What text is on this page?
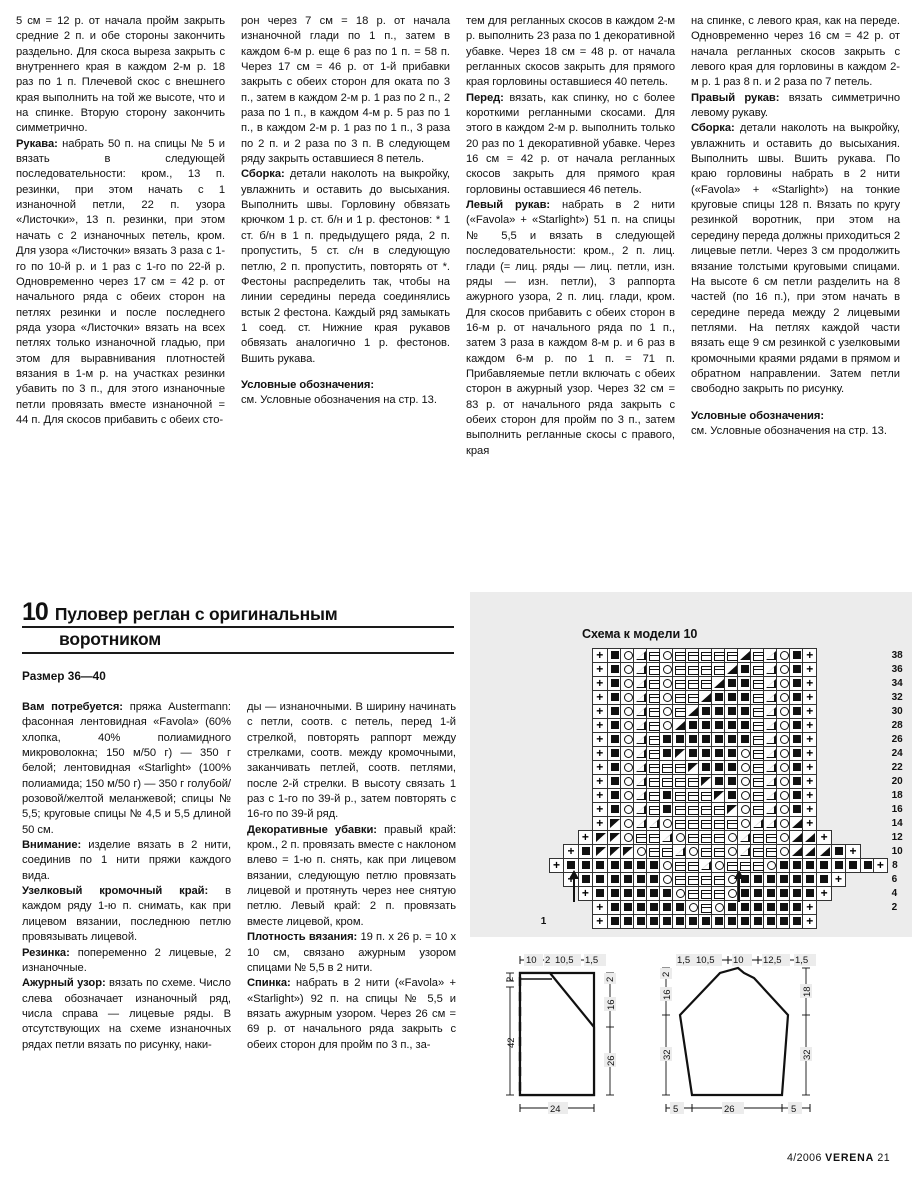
5 см = 12 р. от начала пройм закрыть средние 2 п. и обе стороны закончить раздельно. Для скоса выреза закрыть с внутреннего края в каждом 2-м р. 18 раз по 1 п. Плечевой скос с внешнего края выполнить на той же высоте, что и на спинке. Вторую сторону закончить симметрично.

Рукава: набрать 50 п. на спицы № 5 и вязать в следующей последовательности: кром., 13 п. резинки, при этом начать с 1 изнаночной петли, 22 п. узора «Листочки», 13 п. резинки, при этом начать с 2 изнаночных петель, кром. Для узора «Листочки» вязать 3 раза с 1-го по 10-й р. и 1 раз с 1-го по 22-й р. Одновременно через 17 см = 42 р. от начального ряда с обеих сторон на петлях резинки и после последнего ряда узора «Листочки» вязать на всех петлях только изнаночной гладью, при этом для выравнивания плотностей вязания в 1-м р. на участках резинки убавить по 3 п., для этого изнаночные петли провязать вместе изнаночной = 44 п. Для скосов прибавить с обеих сто-

рон через 7 см = 18 р. от начала изнаночной глади по 1 п., затем в каждом 6-м р. еще 6 раз по 1 п. = 58 п. Через 17 см = 46 р. от 1-й прибавки закрыть с обеих сторон для оката по 3 п., затем в каждом 2-м р. 1 раз по 2 п., 2 раза по 1 п., в каждом 4-м р. 5 раз по 1 п., в каждом 2-м р. 1 раз по 1 п., 3 раза по 2 п. и 2 раза по 3 п. В следующем ряду закрыть оставшиеся 8 петель.

Сборка: детали наколоть на выкройку, увлажнить и оставить до высыхания. Выполнить швы. Горловину обвязать крючком 1 р. ст. б/н и 1 р. фестонов: * 1 ст. б/н в 1 п. предыдущего ряда, 2 п. пропустить, 5 ст. с/н в следующую петлю, 2 п. пропустить, повторять от *. Фестоны распределить так, чтобы на линии середины переда соединялись встык 2 фестона. Каждый ряд замыкать 1 соед. ст. Нижние края рукавов обвязать аналогично 1 р. фестонов. Вшить рукава.

Условные обозначения:

см. Условные обозначения на стр. 13.

тем для регланных скосов в каждом 2-м р. выполнить 23 раза по 1 декоративной убавке. Через 18 см = 48 р. от начала регланных скосов закрыть для прямого края горловины оставшиеся 40 петель.

Перед: вязать, как спинку, но с более короткими регланными скосами. Для этого в каждом 2-м р. выполнить только 20 раз по 1 декоративной убавке. Через 16 см = 42 р. от начала регланных скосов закрыть для прямого края горловины оставшиеся 46 петель.

Левый рукав: набрать в 2 нити («Favola» + «Starlight») 51 п. на спицы № 5,5 и вязать в следующей последовательности: кром., 2 п. лиц. глади (= лиц. ряды — лиц. петли, изн. ряды — изн. петли), 3 раппорта ажурного узора, 2 п. лиц. глади, кром. Для скосов прибавить с обеих сторон в 16-м р. от начального ряда по 1 п., затем 3 раза в каждом 8-м р. и 6 раз в каждом 6-м р. по 1 п. = 71 п. Прибавляемые петли включать с обеих сторон в ажурный узор. Через 32 см = 83 р. от начального ряда закрыть с обеих сторон для пройм по 3 п., затем выполнить регланные скосы с правого, края

на спинке, с левого края, как на переде. Одновременно через 16 см = 42 р. от начала регланных скосов закрыть с левого края для горловины в каждом 2-м р. 1 раз 8 п. и 2 раза по 7 петель.

Правый рукав: вязать симметрично левому рукаву.

Сборка: детали наколоть на выкройку, увлажнить и оставить до высыхания. Выполнить швы. Вшить рукава. По краю горловины набрать в 2 нити («Favola» + «Starlight») на тонкие круговые спицы 128 п. Вязать по кругу резинкой воротник, при этом на середину переда должны приходиться 2 лицевые петли. Через 3 см продолжить вязание толстыми круговыми спицами. На высоте 6 см петли разделить на 8 частей (по 16 п.), при этом начать в середине переда между 2 лицевыми петлями. На петлях каждой части вязать еще 9 см резинкой с узелковыми кромочными краями рядами в прямом и обратном направлении. Затем петли свободно закрыть по рисунку.

Условные обозначения:

см. Условные обозначения на стр. 13.

10 Пуловер реглан с оригинальным
воротником
Размер 36—40

Вам потребуется: пряжа Austermann: фасонная лентовидная «Favola» (60% хлопка, 40% полиамидного микроволокна; 150 м/50 г) — 350 г белой; лентовидная «Starlight» (100% полиамида; 150 м/50 г) — 350 г голубой/розовой/желтой меланжевой; спицы № 5,5; круговые спицы № 4,5 и 5,5 длиной 50 см.

Внимание: изделие вязать в 2 нити, соединив по 1 нити пряжи каждого вида.

Узелковый кромочный край: в каждом ряду 1-ю п. снимать, как при лицевом вязании, последнюю петлю провязывать лицевой.

Резинка: попеременно 2 лицевые, 2 изнаночные.

Ажурный узор: вязать по схеме. Число слева обозначает изнаночный ряд, числа справа — лицевые ряды. В отсутствующих на схеме изнаночных рядах петли вязать по рисунку, наки-

ды — изнаночными. В ширину начинать с петли, соотв. с петель, перед 1-й стрелкой, повторять раппорт между стрелками, соотв. между кромочными, заканчивать петлей, соотв. петлями, после 2-й стрелки. В высоту связать 1 раз с 1-го по 39-й р., затем повторять с 16-го по 39-й ряд.

Декоративные убавки: правый край: кром., 2 п. провязать вместе с наклоном влево = 1-ю п. снять, как при лицевом вязании, следующую петлю провязать лицевой и протянуть через нее снятую петлю. Левый край: 2 п. провязать вместе лицевой, кром.

Плотность вязания: 19 п. х 26 р. = 10 х 10 см, связано ажурным узором спицами № 5,5 в 2 нити.

Спинка: набрать в 2 нити («Favola» + «Starlight») 92 п. на спицы № 5,5 и вязать ажурным узором. Через 26 см = 69 р. от начального ряда закрыть с обеих сторон для пройм по 3 п., за-

Схема к модели 10
				+																+						38
				+																+						36
				+																+						34
				+																+						32
				+																+						30
				+																+						28
				+																+						26
				+																+						24
				+																+						22
				+																+						20
				+																+						18
				+																+						16
				+																+						14
			+																		+					12
		+																					+			10
	+																								+	8
		+																				+				6
			+																		+					4
				+																+						2
1				+																+						
10 2 10,5 1,5
2
42
2
16
26
24
1,5 10,5 10 12,5 1,5
2
16
32
18
32
5	26	5
4/2006 VERENA 21
